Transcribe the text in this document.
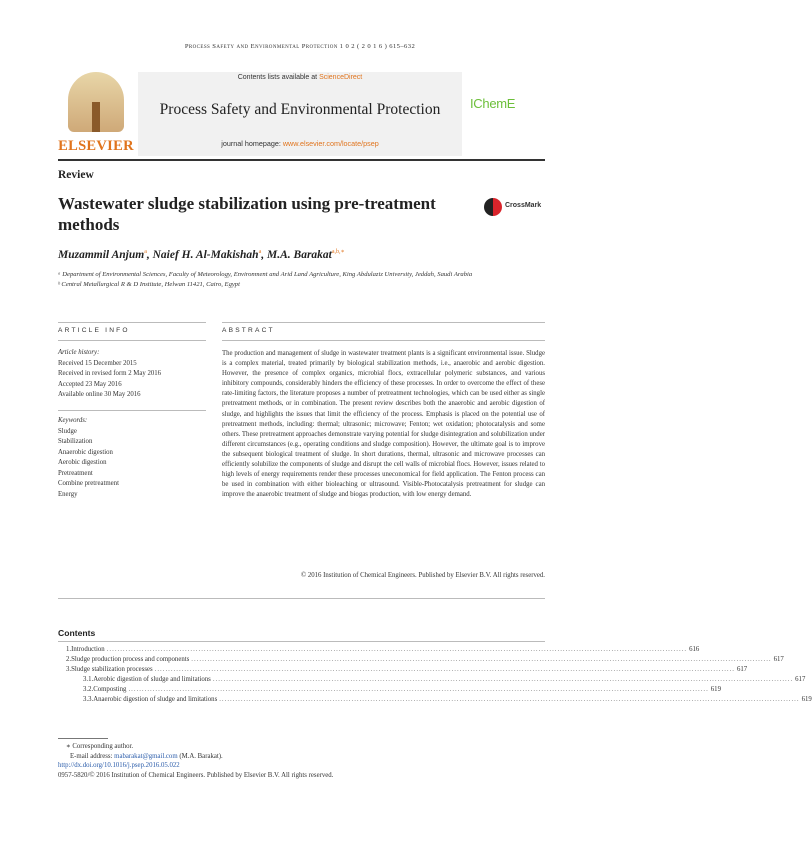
Process Safety and Environmental Protection 1 0 2 ( 2 0 1 6 ) 615–632
ELSEVIER
Contents lists available at ScienceDirect
Process Safety and Environmental Protection
journal homepage: www.elsevier.com/locate/psep
IChemE
Review
Wastewater sludge stabilization using pre-treatment methods
CrossMark
Muzammil Anjum$^a$, Naief H. Al-Makishah$^a$, M.A. Barakat$^{a,b,∗}$
ᵃ Department of Environmental Sciences, Faculty of Meteorology, Environment and Arid Land Agriculture, King Abdulaziz University, Jeddah, Saudi Arabia
ᵇ Central Metallurgical R & D Institute, Helwan 11421, Cairo, Egypt
ARTICLE INFO	ABSTRACT
Article history:
Received 15 December 2015
Received in revised form 2 May 2016
Accepted 23 May 2016
Available online 30 May 2016
Keywords:
Sludge
Stabilization
Anaerobic digestion
Aerobic digestion
Pretreatment
Combine pretreatment
Energy
The production and management of sludge in wastewater treatment plants is a significant environmental issue. Sludge is a complex material, treated primarily by biological stabilization methods, i.e., anaerobic and aerobic digestion. However, the presence of complex organics, microbial flocs, extracellular polymeric substances, and various inhibitory compounds, considerably hinders the efficiency of these processes. In order to overcome the effect of these rate-limiting factors, the literature proposes a number of pretreatment technologies, which can be used either as single pretreatment methods, or in combination. The present review describes both the anaerobic and aerobic digestion of sludge, and highlights the issues that limit the efficiency of the process. Emphasis is placed on the potential use of pretreatment methods, including: thermal; ultrasonic; microwave; Fenton; wet oxidation; photocatalysis and some others. These pretreatment approaches demonstrate varying potential for sludge disintegration and solubilization under different circumstances (e.g., operating conditions and sludge composition). However, the ultimate goal is to improve the subsequent biological treatment of sludge. In short durations, thermal, ultrasonic and microwave processes can efficiently solubilize the components of sludge and disrupt the cell walls of microbial flocs. However, issues related to high levels of energy requirements render these processes uneconomical for field application. The Fenton process can be used in combination with either bioleaching or ultrasound. Visible-Photocatalysis pretreatment for sludge can improve the anaerobic treatment of sludge and biogas production, with low energy demand.
© 2016 Institution of Chemical Engineers. Published by Elsevier B.V. All rights reserved.
Contents
1. Introduction ....................................................................................................................................................................................................................... 616
2. Sludge production process and components ....................................................................................................................................................................................................................... 617
3. Sludge stabilization processes ....................................................................................................................................................................................................................... 617
3.1. Aerobic digestion of sludge and limitations ....................................................................................................................................................................................................................... 617
3.2. Composting ....................................................................................................................................................................................................................... 619
3.3. Anaerobic digestion of sludge and limitations ....................................................................................................................................................................................................................... 619
∗ Corresponding author.
E-mail address: mabarakat@gmail.com (M.A. Barakat).
http://dx.doi.org/10.1016/j.psep.2016.05.022
0957-5820/© 2016 Institution of Chemical Engineers. Published by Elsevier B.V. All rights reserved.
